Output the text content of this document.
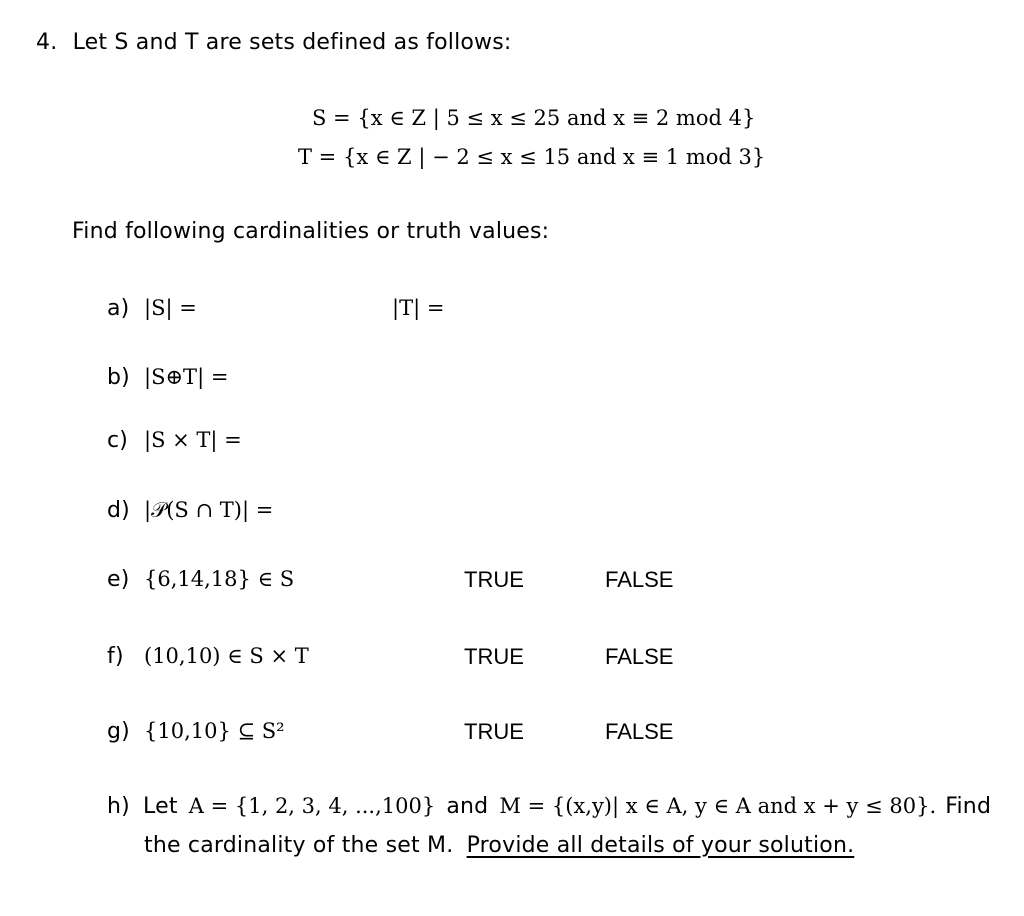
4. Let S and T are sets defined as follows:
S = {x ∈ Z | 5 ≤ x ≤ 25 and x ≡ 2 mod 4}
T = {x ∈ Z | − 2 ≤ x ≤ 15 and x ≡ 1 mod 3}
Find following cardinalities or truth values:
a) |S| =	|T| =
b) |S⊕T| =
c) |S × T| =
d) |𝒫(S ∩ T)| =
e) {6,14,18} ∈ S	TRUE	FALSE
f) (10,10) ∈ S × T	TRUE	FALSE
g) {10,10} ⊆ S²	TRUE	FALSE
h) Let A = {1, 2, 3, 4, ...,100} and M = {(x,y)| x ∈ A, y ∈ A and x + y ≤ 80}. Find
the cardinality of the set M. Provide all details of your solution.
